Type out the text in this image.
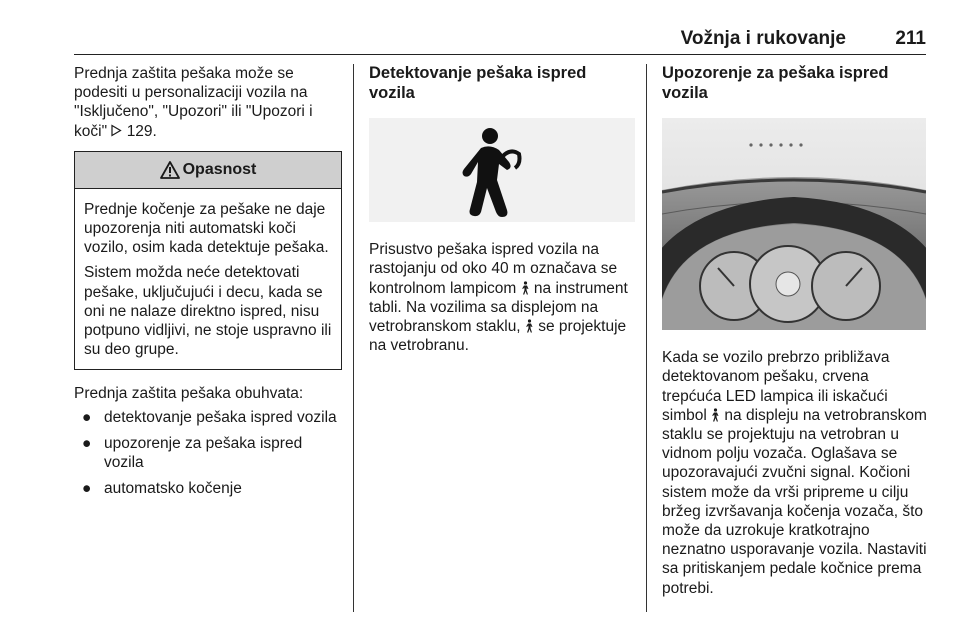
Vožnja i rukovanje	211

Prednja zaštita pešaka može se podesiti u personalizaciji vozila na "Isključeno", "Upozori" ili "Upozori i koči"  129.

Opasnost

Prednje kočenje za pešake ne daje upozorenja niti automatski koči vozilo, osim kada detektuje pešaka.

Sistem možda neće detektovati pešake, uključujući i decu, kada se oni ne nalaze direktno ispred, nisu potpuno vidljivi, ne stoje uspravno ili su deo grupe.

Prednja zaštita pešaka obuhvata:

● detektovanje pešaka ispred vozila
● upozorenje za pešaka ispred vozila
● automatsko kočenje
Detektovanje pešaka ispred vozila

Prisustvo pešaka ispred vozila na rastojanju od oko 40 m označava se kontrolnom lampicom  na instrument tabli. Na vozilima sa displejom na vetrobranskom staklu,  se projektuje na vetrobranu.

Upozorenje za pešaka ispred vozila

Kada se vozilo prebrzo približava detektovanom pešaku, crvena trepćuća LED lampica ili iskačući simbol  na displeju na vetrobranskom staklu se projektuju na vetrobran u vidnom polju vozača. Oglašava se upozoravajući zvučni signal. Kočioni sistem može da vrši pripreme u cilju bržeg izvršavanja kočenja vozača, što može da uzrokuje kratkotrajno neznatno usporavanje vozila. Nastaviti sa pritiskanjem pedale kočnice prema potrebi.
